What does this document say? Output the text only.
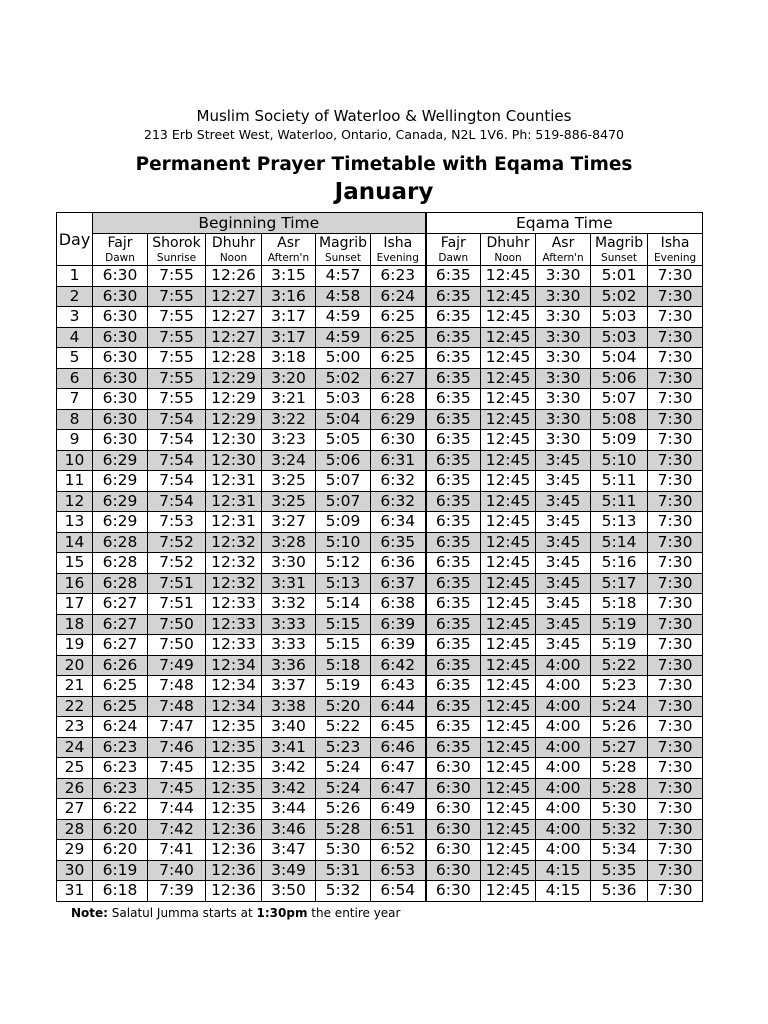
Muslim Society of Waterloo & Wellington Counties
213 Erb Street West, Waterloo, Ontario, Canada, N2L 1V6. Ph: 519-886-8470
Permanent Prayer Timetable with Eqama Times
January
Day	Beginning Time						Eqama Time				
	Fajr	Shorok	Dhuhr	Asr	Magrib	Isha	Fajr	Dhuhr	Asr	Magrib	Isha
	Dawn	Sunrise	Noon	Aftern'n	Sunset	Evening	Dawn	Noon	Aftern'n	Sunset	Evening
1	6:30	7:55	12:26	3:15	4:57	6:23	6:35	12:45	3:30	5:01	7:30
2	6:30	7:55	12:27	3:16	4:58	6:24	6:35	12:45	3:30	5:02	7:30
3	6:30	7:55	12:27	3:17	4:59	6:25	6:35	12:45	3:30	5:03	7:30
4	6:30	7:55	12:27	3:17	4:59	6:25	6:35	12:45	3:30	5:03	7:30
5	6:30	7:55	12:28	3:18	5:00	6:25	6:35	12:45	3:30	5:04	7:30
6	6:30	7:55	12:29	3:20	5:02	6:27	6:35	12:45	3:30	5:06	7:30
7	6:30	7:55	12:29	3:21	5:03	6:28	6:35	12:45	3:30	5:07	7:30
8	6:30	7:54	12:29	3:22	5:04	6:29	6:35	12:45	3:30	5:08	7:30
9	6:30	7:54	12:30	3:23	5:05	6:30	6:35	12:45	3:30	5:09	7:30
10	6:29	7:54	12:30	3:24	5:06	6:31	6:35	12:45	3:45	5:10	7:30
11	6:29	7:54	12:31	3:25	5:07	6:32	6:35	12:45	3:45	5:11	7:30
12	6:29	7:54	12:31	3:25	5:07	6:32	6:35	12:45	3:45	5:11	7:30
13	6:29	7:53	12:31	3:27	5:09	6:34	6:35	12:45	3:45	5:13	7:30
14	6:28	7:52	12:32	3:28	5:10	6:35	6:35	12:45	3:45	5:14	7:30
15	6:28	7:52	12:32	3:30	5:12	6:36	6:35	12:45	3:45	5:16	7:30
16	6:28	7:51	12:32	3:31	5:13	6:37	6:35	12:45	3:45	5:17	7:30
17	6:27	7:51	12:33	3:32	5:14	6:38	6:35	12:45	3:45	5:18	7:30
18	6:27	7:50	12:33	3:33	5:15	6:39	6:35	12:45	3:45	5:19	7:30
19	6:27	7:50	12:33	3:33	5:15	6:39	6:35	12:45	3:45	5:19	7:30
20	6:26	7:49	12:34	3:36	5:18	6:42	6:35	12:45	4:00	5:22	7:30
21	6:25	7:48	12:34	3:37	5:19	6:43	6:35	12:45	4:00	5:23	7:30
22	6:25	7:48	12:34	3:38	5:20	6:44	6:35	12:45	4:00	5:24	7:30
23	6:24	7:47	12:35	3:40	5:22	6:45	6:35	12:45	4:00	5:26	7:30
24	6:23	7:46	12:35	3:41	5:23	6:46	6:35	12:45	4:00	5:27	7:30
25	6:23	7:45	12:35	3:42	5:24	6:47	6:30	12:45	4:00	5:28	7:30
26	6:23	7:45	12:35	3:42	5:24	6:47	6:30	12:45	4:00	5:28	7:30
27	6:22	7:44	12:35	3:44	5:26	6:49	6:30	12:45	4:00	5:30	7:30
28	6:20	7:42	12:36	3:46	5:28	6:51	6:30	12:45	4:00	5:32	7:30
29	6:20	7:41	12:36	3:47	5:30	6:52	6:30	12:45	4:00	5:34	7:30
30	6:19	7:40	12:36	3:49	5:31	6:53	6:30	12:45	4:15	5:35	7:30
31	6:18	7:39	12:36	3:50	5:32	6:54	6:30	12:45	4:15	5:36	7:30
Note: Salatul Jumma starts at 1:30pm the entire year
